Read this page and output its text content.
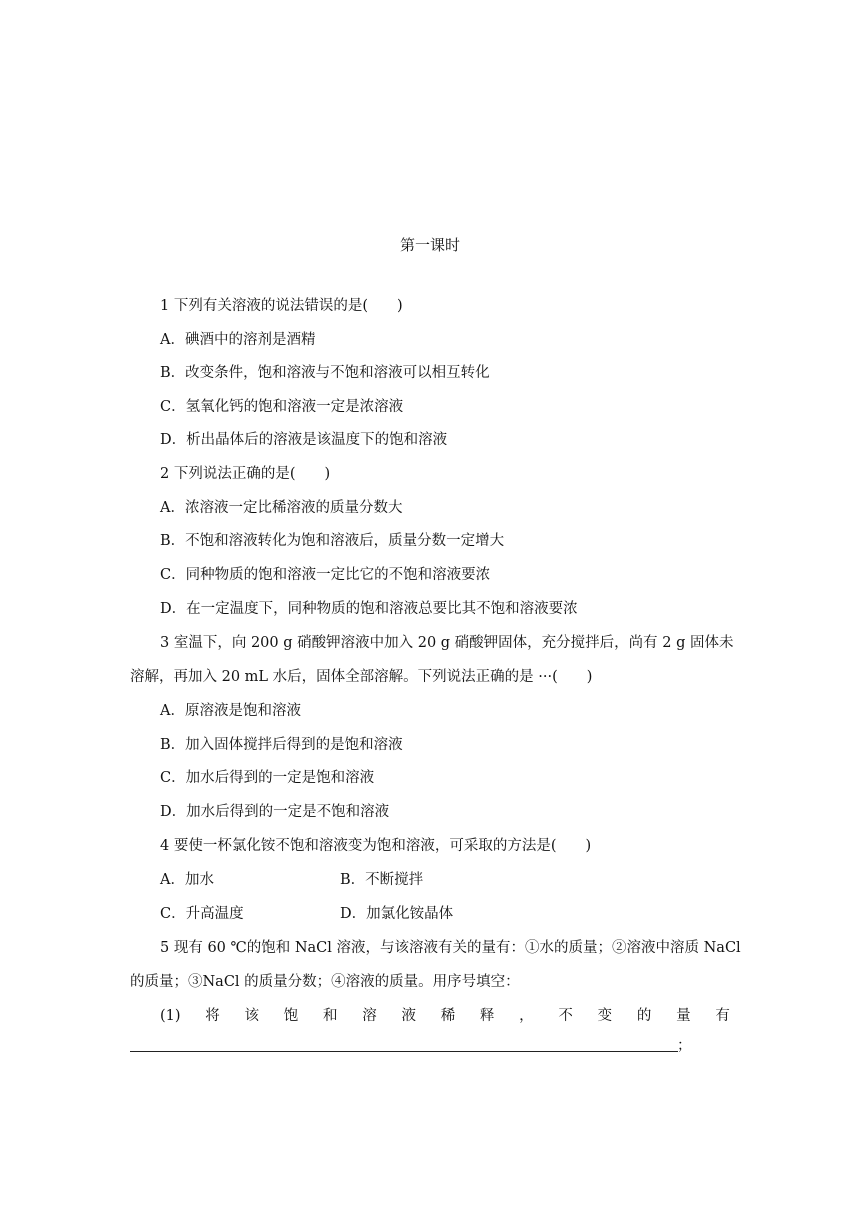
第一课时
1 下列有关溶液的说法错误的是(　　)
A．碘酒中的溶剂是酒精
B．改变条件，饱和溶液与不饱和溶液可以相互转化
C．氢氧化钙的饱和溶液一定是浓溶液
D．析出晶体后的溶液是该温度下的饱和溶液
2 下列说法正确的是(　　)
A．浓溶液一定比稀溶液的质量分数大
B．不饱和溶液转化为饱和溶液后，质量分数一定增大
C．同种物质的饱和溶液一定比它的不饱和溶液要浓
D．在一定温度下，同种物质的饱和溶液总要比其不饱和溶液要浓
3 室温下，向 200 g 硝酸钾溶液中加入 20 g 硝酸钾固体，充分搅拌后，尚有 2 g 固体未
溶解，再加入 20 mL 水后，固体全部溶解。下列说法正确的是 ···(　　)
A．原溶液是饱和溶液
B．加入固体搅拌后得到的是饱和溶液
C．加水后得到的一定是饱和溶液
D．加水后得到的一定是不饱和溶液
4 要使一杯氯化铵不饱和溶液变为饱和溶液，可采取的方法是(　　)
A．加水	B．不断搅拌
C．升高温度	D．加氯化铵晶体
5 现有 60 ℃的饱和 NaCl 溶液，与该溶液有关的量有：①水的质量；②溶液中溶质 NaCl
的质量；③NaCl 的质量分数；④溶液的质量。用序号填空：
(1) 将 该 饱 和 溶 液 稀 释 ， 不 变 的 量 有
；
